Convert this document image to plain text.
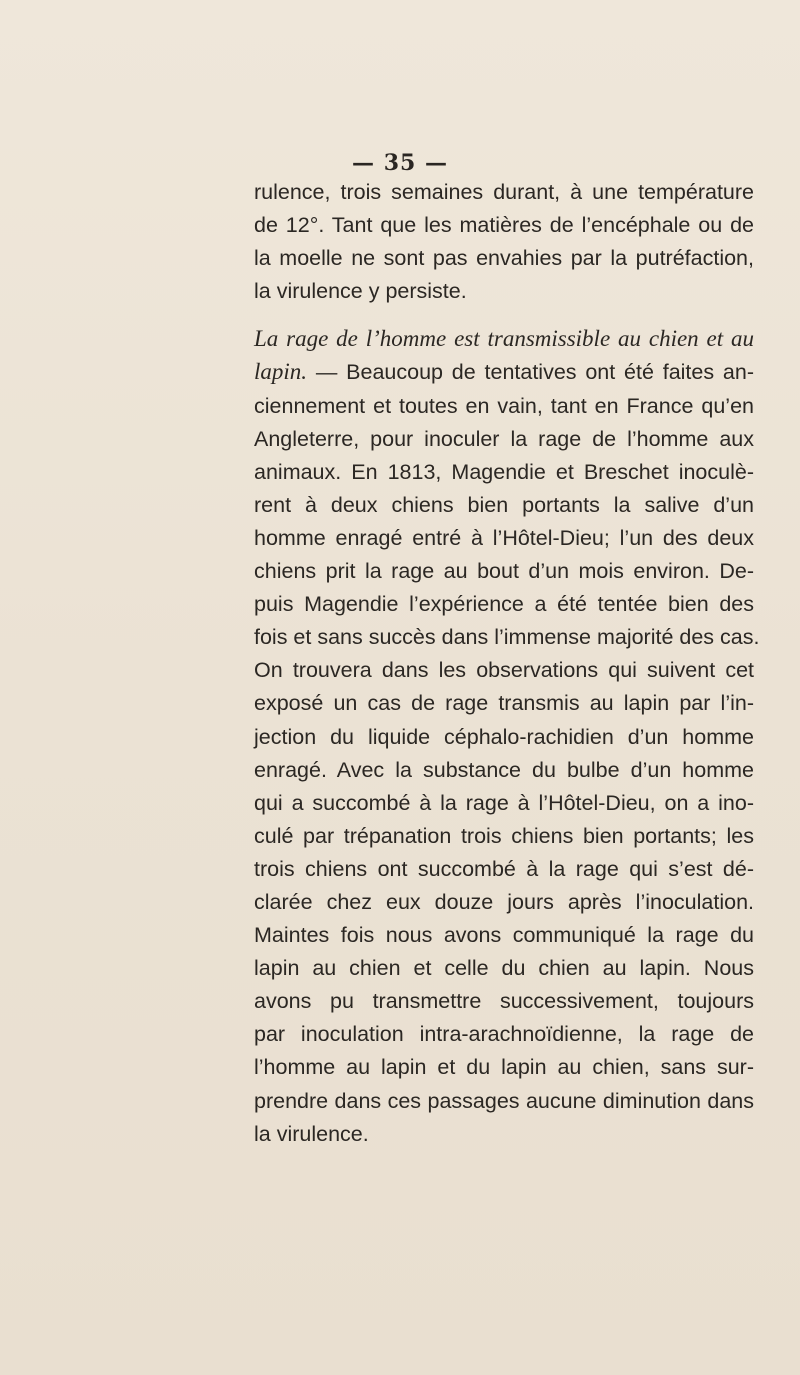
— 35 —
rulence, trois semaines durant, à une température
de 12°. Tant que les matières de l’encéphale ou de
la moelle ne sont pas envahies par la putréfaction,
la virulence y persiste.
La rage de l’homme est transmissible au chien et au
lapin. — Beaucoup de tentatives ont été faites an-
ciennement et toutes en vain, tant en France qu’en
Angleterre, pour inoculer la rage de l’homme aux
animaux. En 1813, Magendie et Breschet inoculè-
rent à deux chiens bien portants la salive d’un
homme enragé entré à l’Hôtel-Dieu; l’un des deux
chiens prit la rage au bout d’un mois environ. De-
puis Magendie l’expérience a été tentée bien des
fois et sans succès dans l’immense majorité des cas.
On trouvera dans les observations qui suivent cet
exposé un cas de rage transmis au lapin par l’in-
jection du liquide céphalo-rachidien d’un homme
enragé. Avec la substance du bulbe d’un homme
qui a succombé à la rage à l’Hôtel-Dieu, on a ino-
culé par trépanation trois chiens bien portants; les
trois chiens ont succombé à la rage qui s’est dé-
clarée chez eux douze jours après l’inoculation.
Maintes fois nous avons communiqué la rage du
lapin au chien et celle du chien au lapin. Nous
avons pu transmettre successivement, toujours
par inoculation intra-arachnoïdienne, la rage de
l’homme au lapin et du lapin au chien, sans sur-
prendre dans ces passages aucune diminution dans
la virulence.
